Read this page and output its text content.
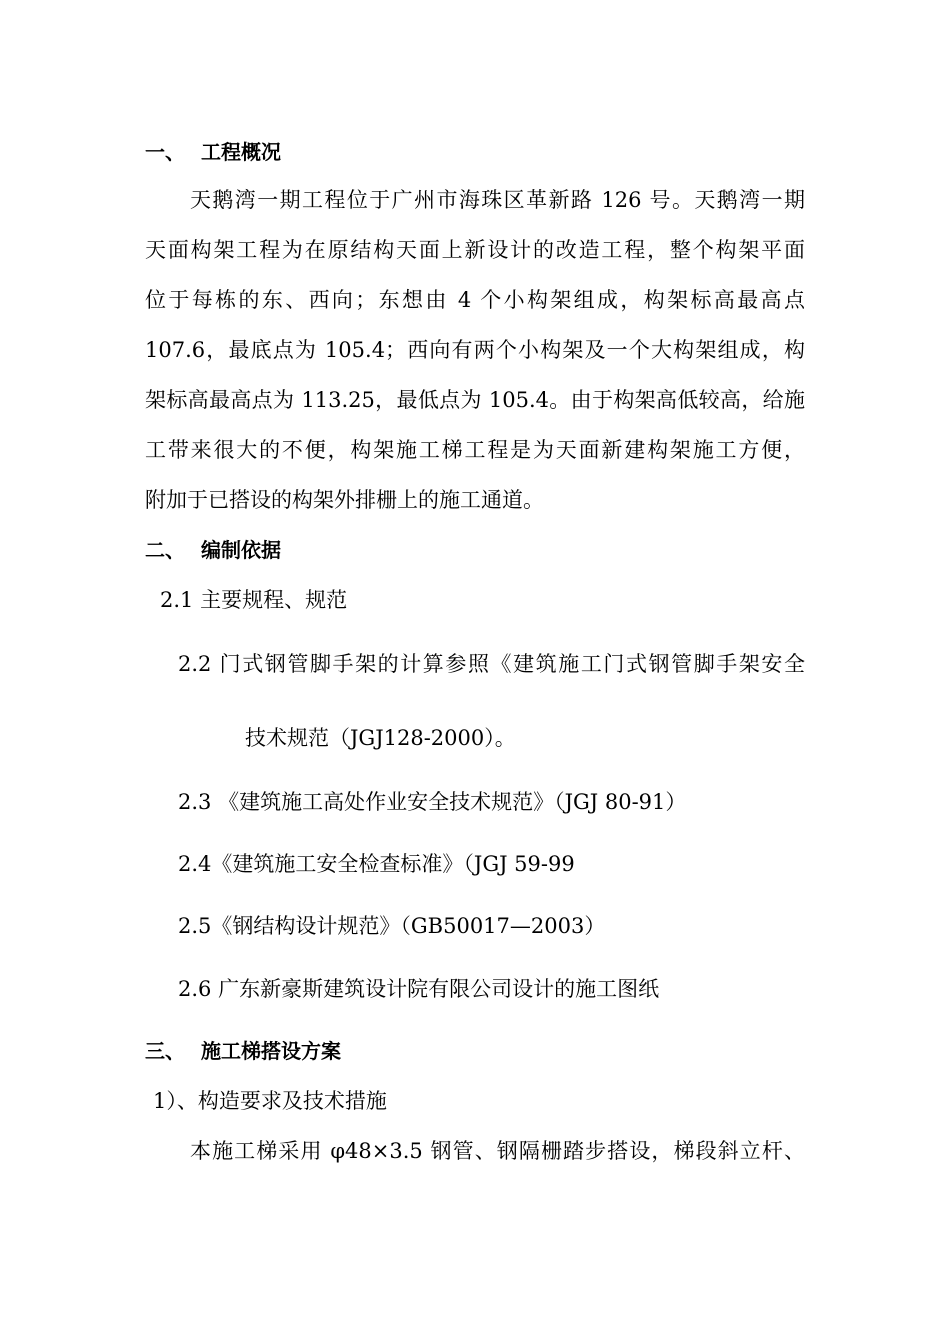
一、 工程概况
天鹅湾一期工程位于广州市海珠区革新路 126 号。天鹅湾一期
天面构架工程为在原结构天面上新设计的改造工程，整个构架平面
位于每栋的东、西向；东想由 4 个小构架组成，构架标高最高点
107.6，最底点为 105.4；西向有两个小构架及一个大构架组成，构
架标高最高点为 113.25，最低点为 105.4。由于构架高低较高，给施
工带来很大的不便，构架施工梯工程是为天面新建构架施工方便，
附加于已搭设的构架外排栅上的施工通道。
二、 编制依据
2.1 主要规程、规范
2.2 门式钢管脚手架的计算参照《建筑施工门式钢管脚手架安全
技术规范（JGJ128-2000）。
2.3 《建筑施工高处作业安全技术规范》（JGJ 80-91）
2.4《建筑施工安全检查标准》（JGJ 59-99
2.5《钢结构设计规范》（GB50017—2003）
2.6 广东新豪斯建筑设计院有限公司设计的施工图纸
三、 施工梯搭设方案
1）、构造要求及技术措施
本施工梯采用 φ48×3.5 钢管、钢隔栅踏步搭设，梯段斜立杆、
